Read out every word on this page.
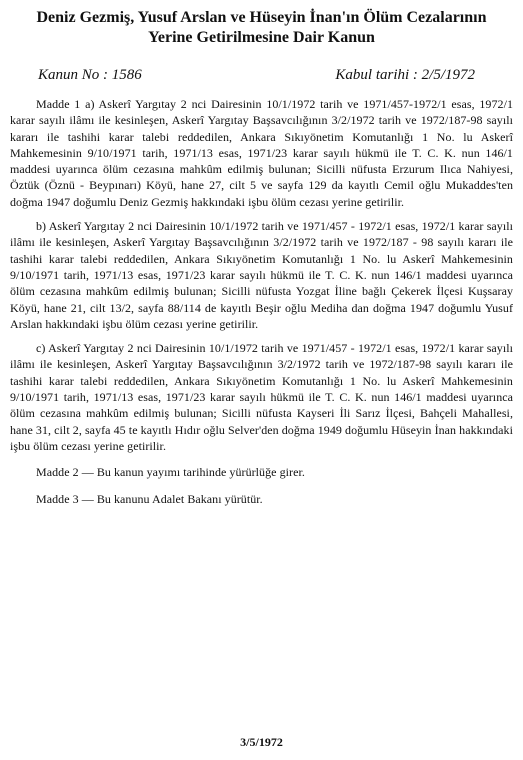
Deniz Gezmiş, Yusuf Arslan ve Hüseyin İnan'ın Ölüm Cezalarının Yerine Getirilmesine Dair Kanun
Kanun No : 1586	Kabul tarihi : 2/5/1972

Madde 1 a) Askerî Yargıtay 2 nci Dairesinin 10/1/1972 tarih ve 1971/457-1972/1 esas, 1972/1 karar sayılı ilâmı ile kesinleşen, Askerî Yargıtay Başsavcılığının 3/2/1972 tarih ve 1972/187-98 sayılı kararı ile tashihi karar talebi reddedilen, Ankara Sıkıyönetim Komutanlığı 1 No. lu Askerî Mahkemesinin 9/10/1971 tarih, 1971/13 esas, 1971/23 karar sayılı hükmü ile T. C. K. nun 146/1 maddesi uyarınca ölüm cezasına mahkûm edilmiş bulunan; Sicilli nüfusta Erzurum Ilıca Nahiyesi, Öztük (Öznü - Beypınarı) Köyü, hane 27, cilt 5 ve sayfa 129 da kayıtlı Cemil oğlu Mukaddes'ten doğma 1947 doğumlu Deniz Gezmiş hakkındaki işbu ölüm cezası yerine getirilir.

b) Askerî Yargıtay 2 nci Dairesinin 10/1/1972 tarih ve 1971/457 - 1972/1 esas, 1972/1 karar sayılı ilâmı ile kesinleşen, Askerî Yargıtay Başsavcılığının 3/2/1972 tarih ve 1972/187 - 98 sayılı kararı ile tashihi karar talebi reddedilen, Ankara Sıkıyönetim Komutanlığı 1 No. lu Askerî Mahkemesinin 9/10/1971 tarih, 1971/13 esas, 1971/23 karar sayılı hükmü ile T. C. K. nun 146/1 maddesi uyarınca ölüm cezasına mahkûm edilmiş bulunan; Sicilli nüfusta Yozgat İline bağlı Çekerek İlçesi Kuşsaray Köyü, hane 21, cilt 13/2, sayfa 88/114 de kayıtlı Beşir oğlu Mediha dan doğma 1947 doğumlu Yusuf Arslan hakkındaki işbu ölüm cezası yerine getirilir.

c) Askerî Yargıtay 2 nci Dairesinin 10/1/1972 tarih ve 1971/457 - 1972/1 esas, 1972/1 karar sayılı ilâmı ile kesinleşen, Askerî Yargıtay Başsavcılığının 3/2/1972 tarih ve 1972/187-98 sayılı kararı ile tashihi karar talebi reddedilen, Ankara Sıkıyönetim Komutanlığı 1 No. lu Askerî Mahkemesinin 9/10/1971 tarih, 1971/13 esas, 1971/23 karar sayılı hükmü ile T. C. K. nun 146/1 maddesi uyarınca ölüm cezasına mahkûm edilmiş bulunan; Sicilli nüfusta Kayseri İli Sarız İlçesi, Bahçeli Mahallesi, hane 31, cilt 2, sayfa 45 te kayıtlı Hıdır oğlu Selver'den doğma 1949 doğumlu Hüseyin İnan hakkındaki işbu ölüm cezası yerine getirilir.

Madde 2 — Bu kanun yayımı tarihinde yürürlüğe girer.

Madde 3 — Bu kanunu Adalet Bakanı yürütür.

3/5/1972
